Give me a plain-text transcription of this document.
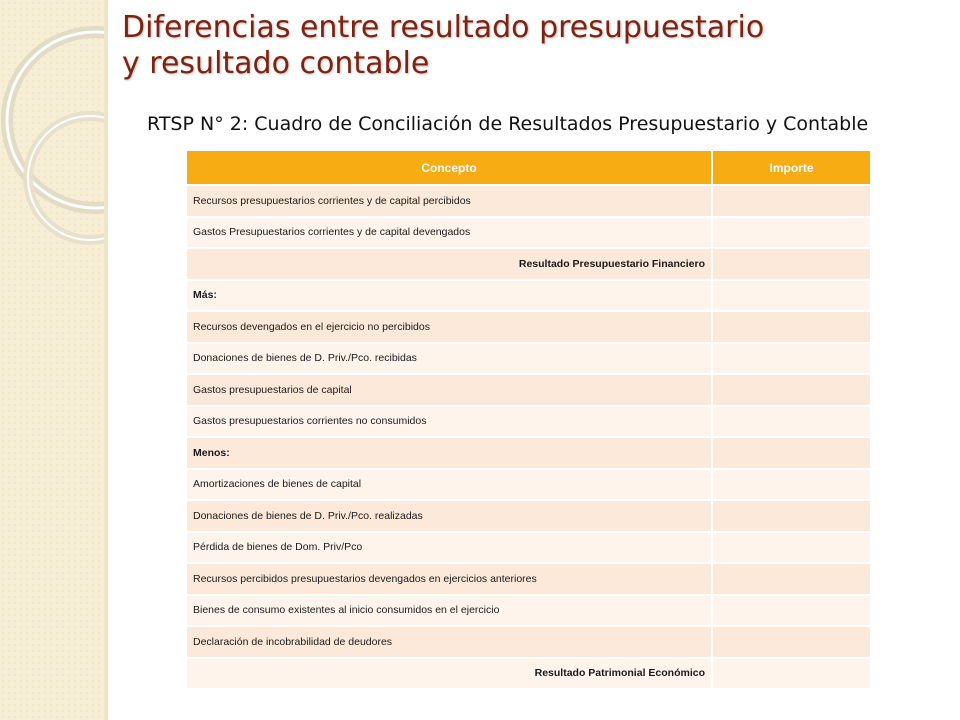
Diferencias entre resultado presupuestario
y resultado contable
RTSP N° 2: Cuadro de Conciliación de Resultados Presupuestario y Contable
Concepto	Importe
Recursos presupuestarios corrientes y de capital percibidos	
Gastos Presupuestarios corrientes y de capital devengados	
Resultado Presupuestario Financiero	
Más:	
Recursos devengados en el ejercicio no percibidos	
Donaciones de bienes de D. Priv./Pco. recibidas	
Gastos presupuestarios de capital	
Gastos presupuestarios corrientes no consumidos	
Menos:	
Amortizaciones de bienes de capital	
Donaciones de bienes de D. Priv./Pco. realizadas	
Pérdida de bienes de Dom. Priv/Pco	
Recursos percibidos presupuestarios devengados en ejercicios anteriores	
Bienes de consumo existentes al inicio consumidos en el ejercicio	
Declaración de incobrabilidad de deudores	
Resultado Patrimonial Económico	
